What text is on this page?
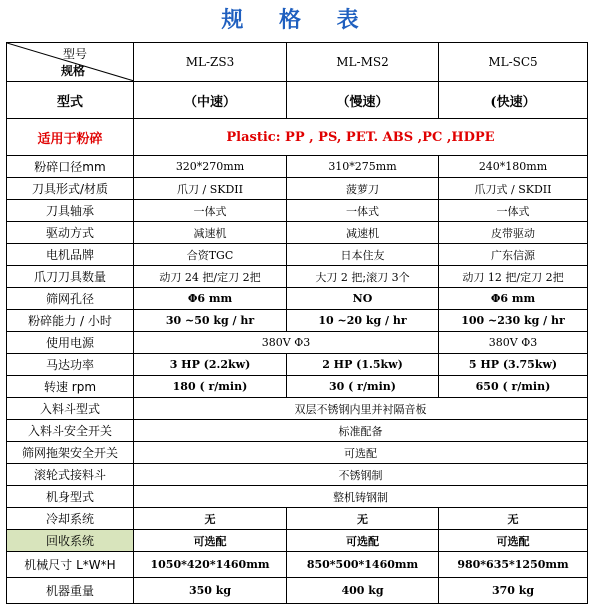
规 格 表
型号
规格	ML-ZS3	ML-MS2	ML-SC5
型式	（中速）	（慢速）	(快速）
适用于粉碎	Plastic: PP , PS, PET. ABS ,PC ,HDPE		
粉碎口径mm	320*270mm	310*275mm	240*180mm
刀具形式/材质	爪刀 / SKDII	菠萝刀	爪刀式 / SKDII
刀具轴承	一体式	一体式	一体式
驱动方式	减速机	减速机	皮带驱动
电机品牌	合资TGC	日本住友	广东信源
爪刀刀具数量	动刀 24 把/定刀 2把	大刀 2 把;滚刀 3个	动刀 12 把/定刀 2把
筛网孔径	Φ6 mm	NO	Φ6 mm
粉碎能力 / 小时	30 ~50 kg / hr	10 ~20 kg / hr	100 ~230 kg / hr
使用电源	380V Φ3		380V Φ3
马达功率	3 HP (2.2kw)	2 HP (1.5kw)	5 HP (3.75kw)
转速 rpm	180 ( r/min)	30 ( r/min)	650 ( r/min)
入料斗型式	双层不锈钢内里并衬隔音板		
入料斗安全开关	标准配备		
筛网拖架安全开关	可选配		
滚轮式接料斗	不锈钢制		
机身型式	整机铸钢制		
冷却系统	无	无	无
回收系统	可选配	可选配	可选配
机械尺寸 L*W*H	1050*420*1460mm	850*500*1460mm	980*635*1250mm
机器重量	350 kg	400 kg	370 kg
